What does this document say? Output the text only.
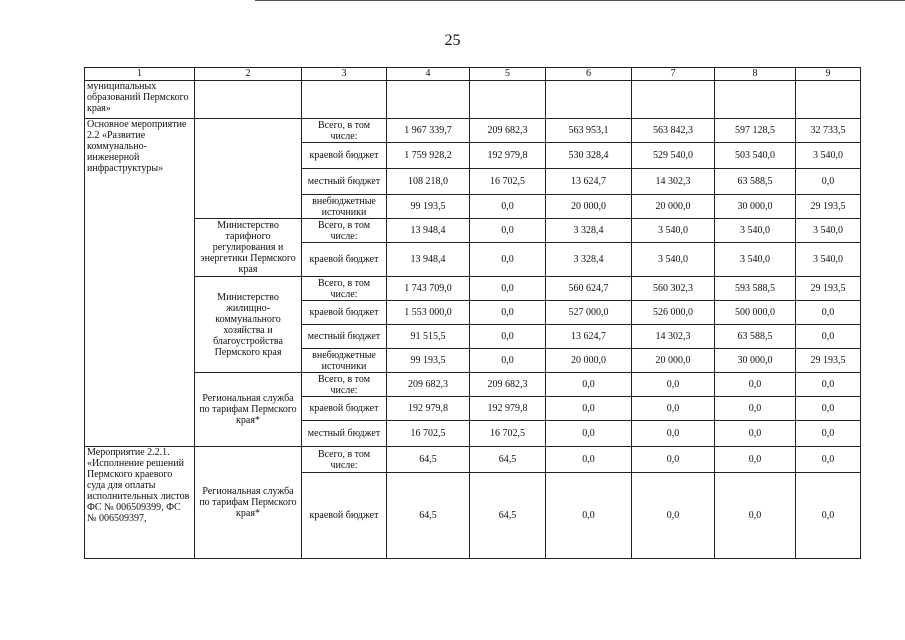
25
1	2	3	4	5	6	7	8	9
муниципальных образований Пермского края»								
Основное мероприятие 2.2 «Развитие коммунально-инженерной инфраструктуры»		Всего, в том числе:	1 967 339,7	209 682,3	563 953,1	563 842,3	597 128,5	32 733,5
		краевой бюджет	1 759 928,2	192 979,8	530 328,4	529 540,0	503 540,0	3 540,0
		местный бюджет	108 218,0	16 702,5	13 624,7	14 302,3	63 588,5	0,0
		внебюджетные источники	99 193,5	0,0	20 000,0	20 000,0	30 000,0	29 193,5
	Министерство тарифного регулирования и энергетики Пермского края	Всего, в том числе:	13 948,4	0,0	3 328,4	3 540,0	3 540,0	3 540,0
		краевой бюджет	13 948,4	0,0	3 328,4	3 540,0	3 540,0	3 540,0
	Министерство жилищно-коммунального хозяйства и благоустройства Пермского края	Всего, в том числе:	1 743 709,0	0,0	560 624,7	560 302,3	593 588,5	29 193,5
		краевой бюджет	1 553 000,0	0,0	527 000,0	526 000,0	500 000,0	0,0
		местный бюджет	91 515,5	0,0	13 624,7	14 302,3	63 588,5	0,0
		внебюджетные источники	99 193,5	0,0	20 000,0	20 000,0	30 000,0	29 193,5
	Региональная служба по тарифам Пермского края*	Всего, в том числе:	209 682,3	209 682,3	0,0	0,0	0,0	0,0
		краевой бюджет	192 979,8	192 979,8	0,0	0,0	0,0	0,0
		местный бюджет	16 702,5	16 702,5	0,0	0,0	0,0	0,0
Мероприятие 2.2.1. «Исполнение решений Пермского краевого суда для оплаты исполнительных листов ФС № 006509399, ФС № 006509397,	Региональная служба по тарифам Пермского края*	Всего, в том числе:	64,5	64,5	0,0	0,0	0,0	0,0
		краевой бюджет	64,5	64,5	0,0	0,0	0,0	0,0
